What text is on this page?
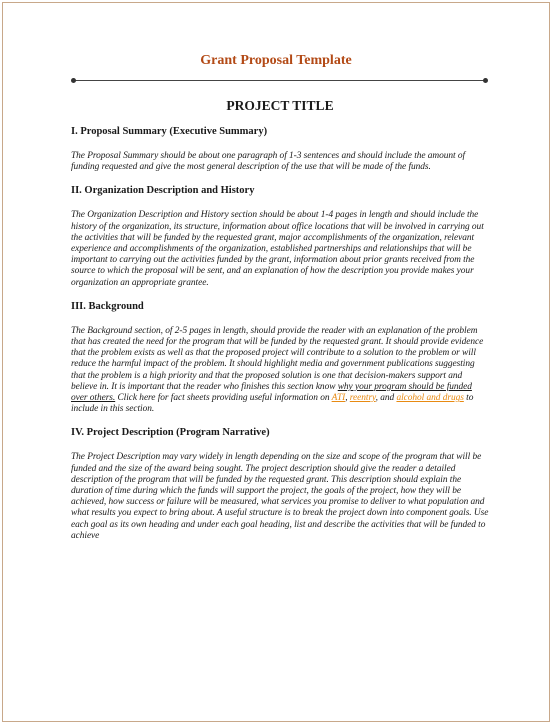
Grant Proposal Template
PROJECT TITLE
I. Proposal Summary (Executive Summary)

The Proposal Summary should be about one paragraph of 1-3 sentences and should include the amount of funding requested and give the most general description of the use that will be made of the funds.

II. Organization Description and History

The Organization Description and History section should be about 1-4 pages in length and should include the history of the organization, its structure, information about office locations that will be involved in carrying out the activities that will be funded by the requested grant, major accomplishments of the organization, relevant experience and accomplishments of the organization, established partnerships and relationships that will be important to carrying out the activities funded by the grant, information about prior grants received from the source to which the proposal will be sent, and an explanation of how the description you provide makes your organization an appropriate grantee.

III. Background

The Background section, of 2-5 pages in length, should provide the reader with an explanation of the problem that has created the need for the program that will be funded by the requested grant. It should provide evidence that the problem exists as well as that the proposed project will contribute to a solution to the problem or will reduce the harmful impact of the problem. It should highlight media and government publications suggesting that the problem is a high priority and that the proposed solution is one that decision-makers support and believe in. It is important that the reader who finishes this section know why your program should be funded over others. Click here for fact sheets providing useful information on ATI, reentry, and alcohol and drugs to include in this section.

IV. Project Description (Program Narrative)

The Project Description may vary widely in length depending on the size and scope of the program that will be funded and the size of the award being sought. The project description should give the reader a detailed description of the program that will be funded by the requested grant. This description should explain the duration of time during which the funds will support the project, the goals of the project, how they will be achieved, how success or failure will be measured, what services you promise to deliver to what population and what results you expect to bring about. A useful structure is to break the project down into component goals. Use each goal as its own heading and under each goal heading, list and describe the activities that will be funded to achieve
